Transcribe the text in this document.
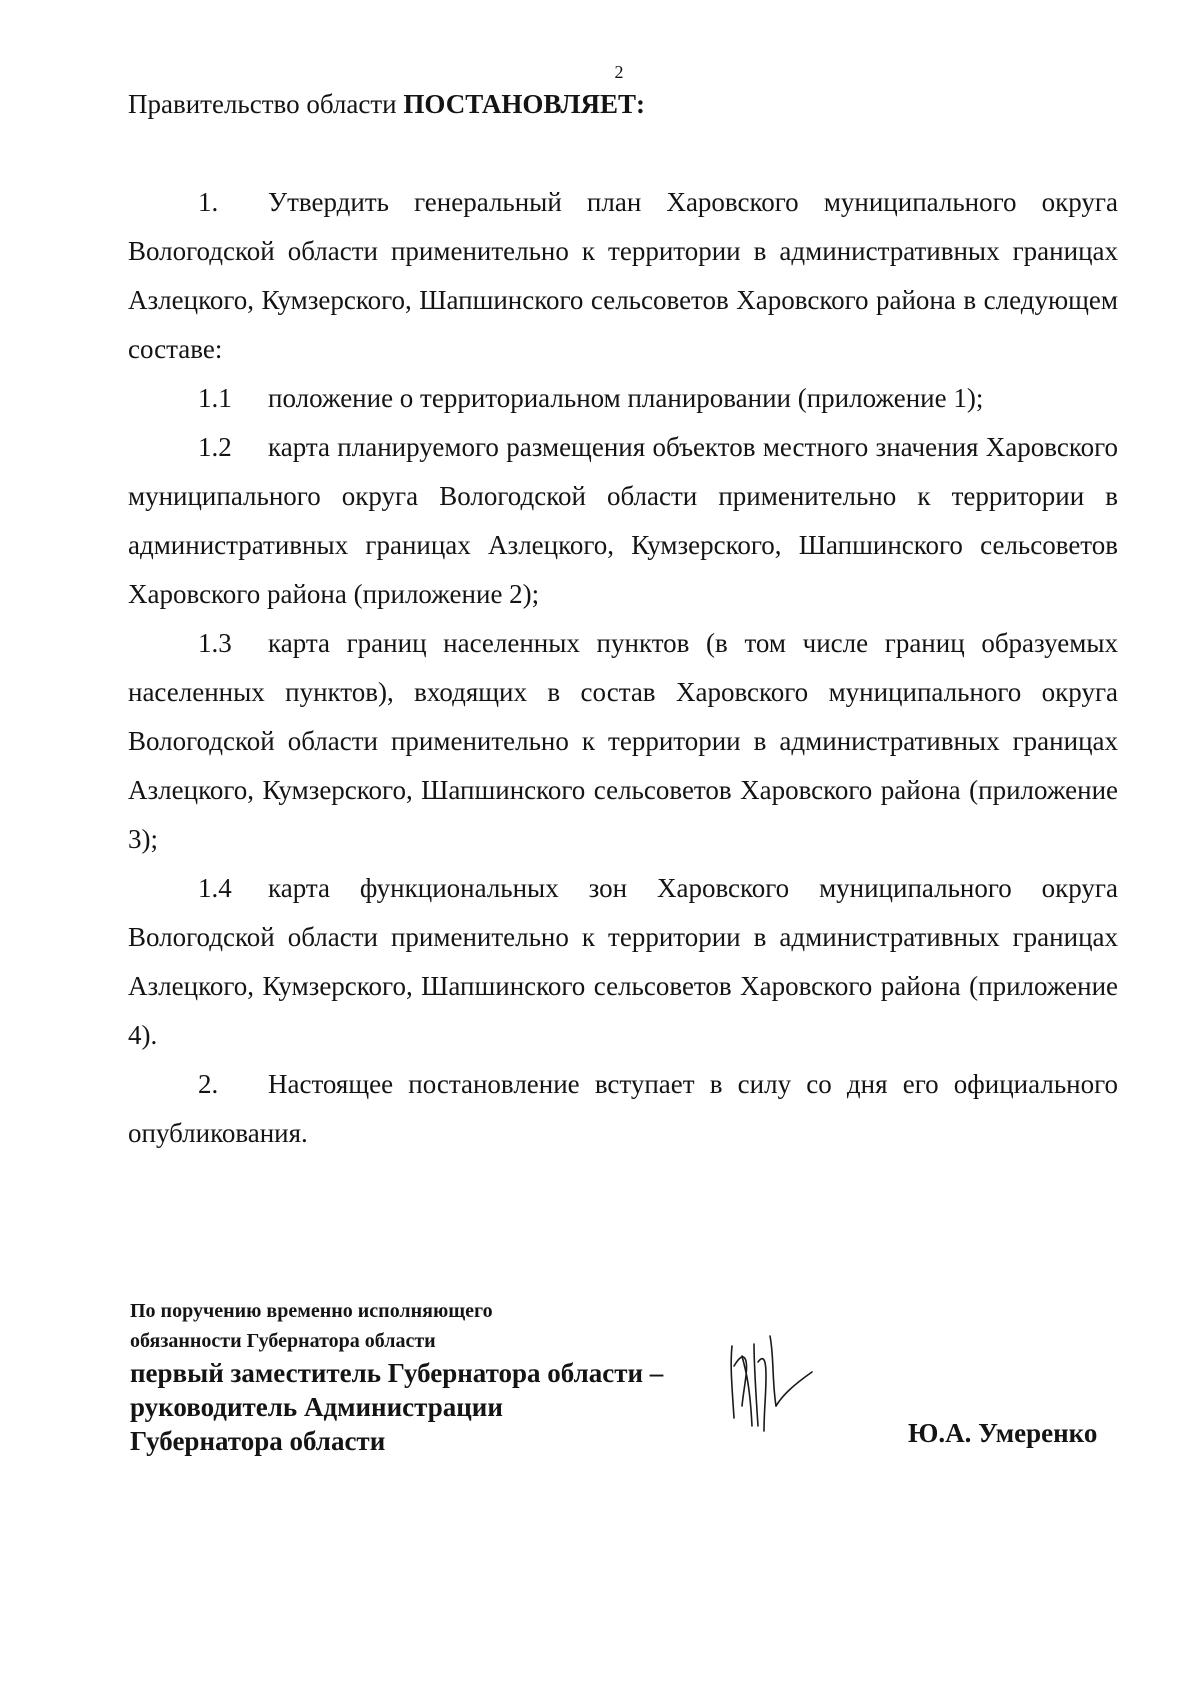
2
Правительство области ПОСТАНОВЛЯЕТ:

1. Утвердить генеральный план Харовского муниципального округа Вологодской области применительно к территории в административных границах Азлецкого, Кумзерского, Шапшинского сельсоветов Харовского района в следующем составе:

1.1 положение о территориальном планировании (приложение 1);

1.2 карта планируемого размещения объектов местного значения Харовского муниципального округа Вологодской области применительно к территории в административных границах Азлецкого, Кумзерского, Шапшинского сельсоветов Харовского района (приложение 2);

1.3 карта границ населенных пунктов (в том числе границ образуемых населенных пунктов), входящих в состав Харовского муниципального округа Вологодской области применительно к территории в административных границах Азлецкого, Кумзерского, Шапшинского сельсоветов Харовского района (приложение 3);

1.4 карта функциональных зон Харовского муниципального округа Вологодской области применительно к территории в административных границах Азлецкого, Кумзерского, Шапшинского сельсоветов Харовского района (приложение 4).

2. Настоящее постановление вступает в силу со дня его официального опубликования.

По поручению временно исполняющего

обязанности Губернатора области

первый заместитель Губернатора области –

руководитель Администрации

Губернатора области	Ю.А. Умеренко
